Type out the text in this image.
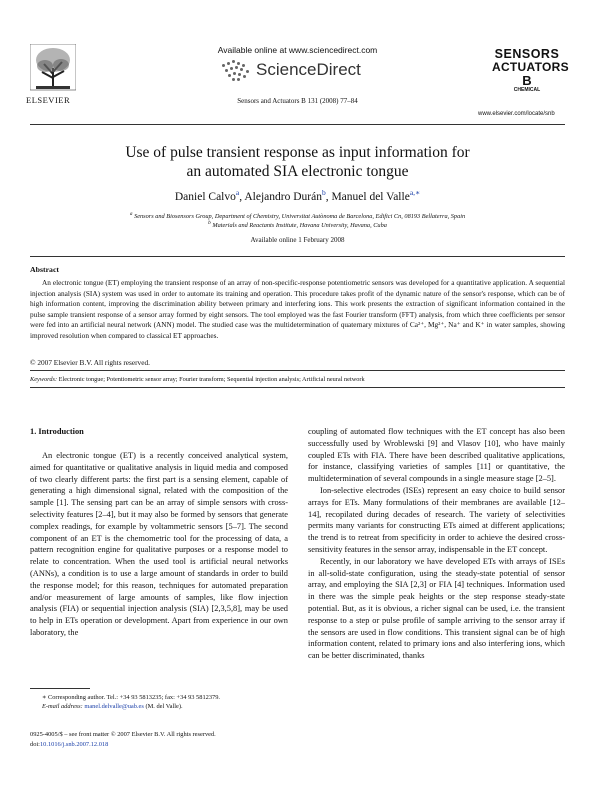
Available online at www.sciencedirect.com
ScienceDirect
Sensors and Actuators B 131 (2008) 77–84
ELSEVIER
SENSORS
ACTUATORS
B
CHEMICAL
www.elsevier.com/locate/snb
Use of pulse transient response as input information for
an automated SIA electronic tongue
Daniel Calvo$^a$, Alejandro Durán$^b$, Manuel del Valle$^{a,∗}$
$^a$ Sensors and Biosensors Group, Department of Chemistry, Universitat Autònoma de Barcelona, Edifici Cn, 08193 Bellaterra, Spain
$^b$ Materials and Reactants Institute, Havana University, Havana, Cuba
Available online 1 February 2008
Abstract
An electronic tongue (ET) employing the transient response of an array of non-specific-response potentiometric sensors was developed for a quantitative application. A sequential injection analysis (SIA) system was used in order to automate its training and operation. This procedure takes profit of the dynamic nature of the sensor's response, which can be of high information content, improving the discrimination ability between primary and interfering ions. This work presents the extraction of significant information contained in the pulse sample transient response of a sensor array formed by eight sensors. The tool employed was the fast Fourier transform (FFT) analysis, from which three coefficients per sensor were fed into an artificial neural network (ANN) model. The studied case was the multidetermination of quaternary mixtures of Ca²⁺, Mg²⁺, Na⁺ and K⁺ in water samples, showing improved resolution when compared to classical ET approaches.
© 2007 Elsevier B.V. All rights reserved.
Keywords: Electronic tongue; Potentiometric sensor array; Fourier transform; Sequential injection analysis; Artificial neural network
1. Introduction

An electronic tongue (ET) is a recently conceived analytical system, aimed for quantitative or qualitative analysis in liquid media and composed of two clearly different parts: the first part is a sensing element, capable of generating a high dimensional signal, related with the composition of the sample [1]. The sensing part can be an array of simple sensors with cross-selectivity features [2–4], but it may also be formed by sensors that generate complex readings, for example by voltammetric sensors [5–7]. The second component of an ET is the chemometric tool for the processing of data, a pattern recognition engine for qualitative purposes or a response model to relate to concentration. When the used tool is artificial neural networks (ANNs), a condition is to use a large amount of standards in order to build the response model; for this reason, techniques for automated preparation and/or measurement of large amounts of samples, like flow injection analysis (FIA) or sequential injection analysis (SIA) [2,3,5,8], may be used to help in ETs operation or development. Apart from experience in our own laboratory, the

coupling of automated flow techniques with the ET concept has also been successfully used by Wroblewski [9] and Vlasov [10], who have mainly coupled ETs with FIA. There have been described qualitative applications, for instance, classifying varieties of samples [11] or quantitative, the multidetermination of several compounds in a single measure stage [2–5].

Ion-selective electrodes (ISEs) represent an easy choice to build sensor arrays for ETs. Many formulations of their membranes are available [12–14], recopilated during decades of research. The variety of selectivities permits many variants for constructing ETs aimed at different applications; the trend is to retreat from specificity in order to achieve the desired cross-sensitivity features in the sensor array, indispensable in the ET concept.

Recently, in our laboratory we have developed ETs with arrays of ISEs in all-solid-state configuration, using the steady-state potential of sensor array, and employing the SIA [2,3] or FIA [4] techniques. Information used in there was the simple peak heights or the step response steady-state potential. But, as it is obvious, a richer signal can be used, i.e. the transient response to a step or pulse profile of sample arriving to the sensor array if the sensors are used in flow conditions. This transient signal can be of high information content, related to primary ions and also interfering ions, which can be better discriminated, thanks

∗ Corresponding author. Tel.: +34 93 5813235; fax: +34 93 5812379.
E-mail address: manel.delvalle@uab.es (M. del Valle).
0925-4005/$ – see front matter © 2007 Elsevier B.V. All rights reserved.
doi:10.1016/j.snb.2007.12.018
